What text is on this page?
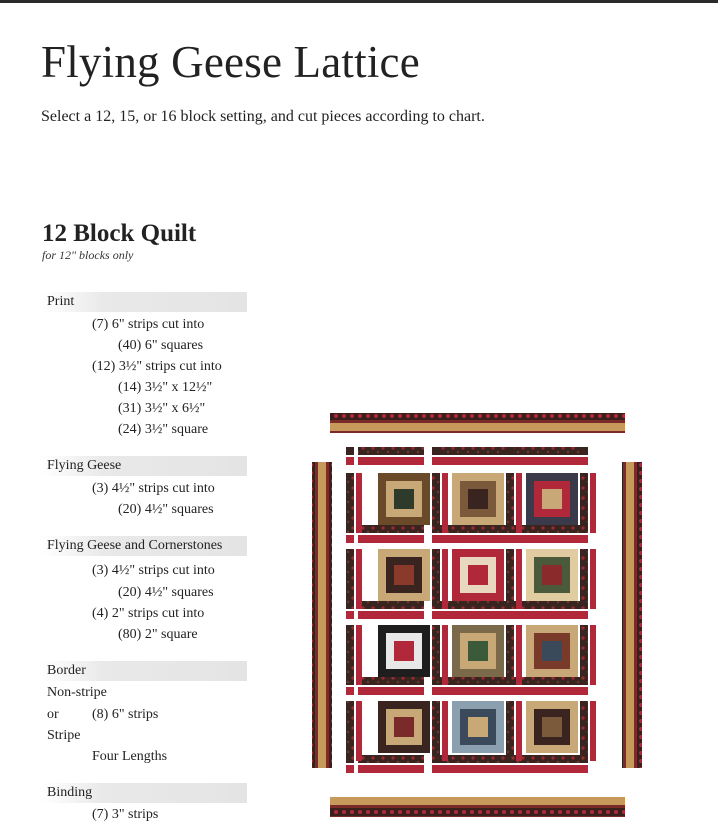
Flying Geese Lattice

Select a 12, 15, or 16 block setting, and cut pieces according to chart.

12 Block Quilt

for 12" blocks only

Print
(7) 6" strips cut into
(40) 6" squares
(12) 3½" strips cut into
(14) 3½" x 12½"
(31) 3½" x 6½"
(24) 3½" square
Flying Geese
(3) 4½" strips cut into
(20) 4½" squares
Flying Geese and Cornerstones
(3) 4½" strips cut into
(20) 4½" squares
(4) 2" strips cut into
(80) 2" square
Border
Non-stripe
or (8) 6" strips
Stripe
Four Lengths
Binding
(7) 3" strips
